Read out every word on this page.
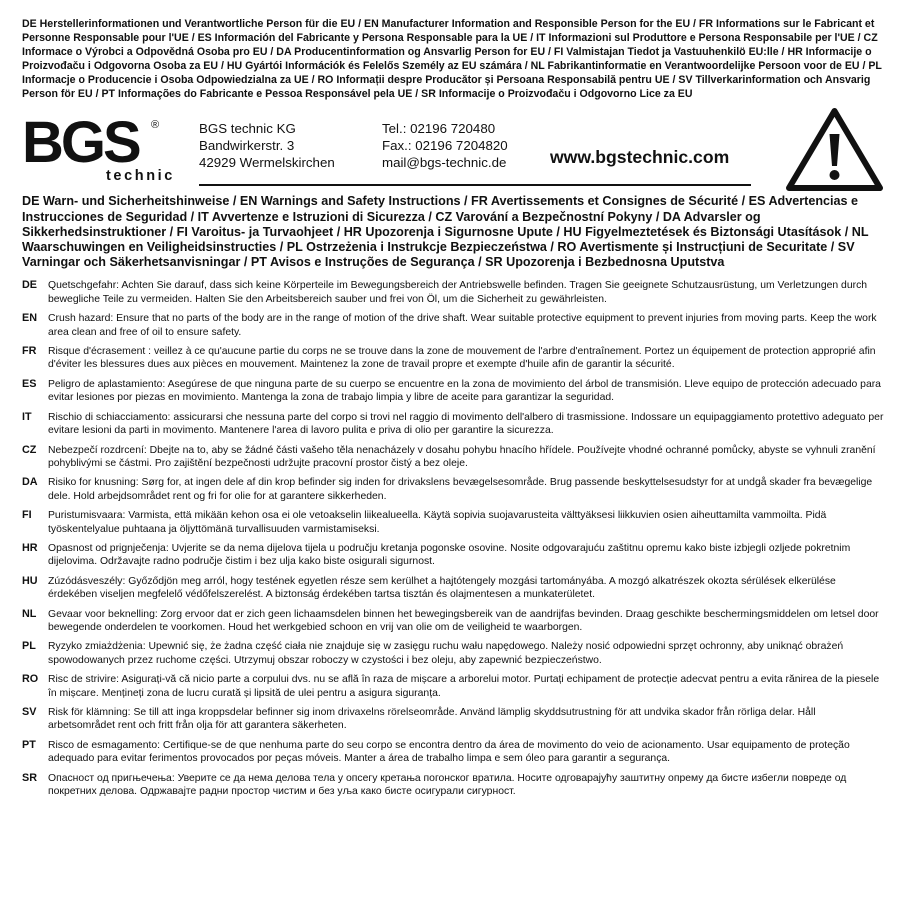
DE Herstellerinformationen und Verantwortliche Person für die EU / EN Manufacturer Information and Responsible Person for the EU / FR Informations sur le Fabricant et Personne Responsable pour l'UE / ES Información del Fabricante y Persona Responsable para la UE / IT Informazioni sul Produttore e Persona Responsabile per l'UE / CZ Informace o Výrobci a Odpovědná Osoba pro EU / DA Producentinformation og Ansvarlig Person for EU / FI Valmistajan Tiedot ja Vastuuhenkilö EU:lle / HR Informacije o Proizvođaču i Odgovorna Osoba za EU / HU Gyártói Információk és Felelős Személy az EU számára / NL Fabrikantinformatie en Verantwoordelijke Persoon voor de EU / PL Informacje o Producencie i Osoba Odpowiedzialna za UE / RO Informații despre Producător și Persoana Responsabilă pentru UE / SV Tillverkarinformation och Ansvarig Person för EU / PT Informações do Fabricante e Pessoa Responsável pela UE / SR Informacije o Proizvođaču i Odgovorno Lice za EU

BGS
technic
®	BGS technic KG
Bandwirkerstr. 3
42929 Wermelskirchen
Tel.: 02196 720480
Fax.: 02196 7204820
mail@bgs-technic.de www.bgstechnic.com

DE Warn- und Sicherheitshinweise / EN Warnings and Safety Instructions / FR Avertissements et Consignes de Sécurité / ES Advertencias e Instrucciones de Seguridad / IT Avvertenze e Istruzioni di Sicurezza / CZ Varování a Bezpečnostní Pokyny / DA Advarsler og Sikkerhedsinstruktioner / FI Varoitus- ja Turvaohjeet / HR Upozorenja i Sigurnosne Upute / HU Figyelmeztetések és Biztonsági Utasítások / NL Waarschuwingen en Veiligheidsinstructies / PL Ostrzeżenia i Instrukcje Bezpieczeństwa / RO Avertismente și Instrucțiuni de Securitate / SV Varningar och Säkerhetsanvisningar / PT Avisos e Instruções de Segurança / SR Upozorenja i Bezbednosna Uputstva

DE Quetschgefahr: Achten Sie darauf, dass sich keine Körperteile im Bewegungsbereich der Antriebswelle befinden. Tragen Sie geeignete Schutzausrüstung, um Verletzungen durch bewegliche Teile zu vermeiden. Halten Sie den Arbeitsbereich sauber und frei von Öl, um die Sicherheit zu gewährleisten.
EN Crush hazard: Ensure that no parts of the body are in the range of motion of the drive shaft. Wear suitable protective equipment to prevent injuries from moving parts. Keep the work area clean and free of oil to ensure safety.
FR Risque d'écrasement : veillez à ce qu'aucune partie du corps ne se trouve dans la zone de mouvement de l'arbre d'entraînement. Portez un équipement de protection approprié afin d'éviter les blessures dues aux pièces en mouvement. Maintenez la zone de travail propre et exempte d'huile afin de garantir la sécurité.
ES Peligro de aplastamiento: Asegúrese de que ninguna parte de su cuerpo se encuentre en la zona de movimiento del árbol de transmisión. Lleve equipo de protección adecuado para evitar lesiones por piezas en movimiento. Mantenga la zona de trabajo limpia y libre de aceite para garantizar la seguridad.
IT Rischio di schiacciamento: assicurarsi che nessuna parte del corpo si trovi nel raggio di movimento dell'albero di trasmissione. Indossare un equipaggiamento protettivo adeguato per evitare lesioni da parti in movimento. Mantenere l'area di lavoro pulita e priva di olio per garantire la sicurezza.
CZ Nebezpečí rozdrcení: Dbejte na to, aby se žádné části vašeho těla nenacházely v dosahu pohybu hnacího hřídele. Používejte vhodné ochranné pomůcky, abyste se vyhnuli zranění pohyblivými se částmi. Pro zajištění bezpečnosti udržujte pracovní prostor čistý a bez oleje.
DA Risiko for knusning: Sørg for, at ingen dele af din krop befinder sig inden for drivakslens bevægelsesområde. Brug passende beskyttelsesudstyr for at undgå skader fra bevægelige dele. Hold arbejdsområdet rent og fri for olie for at garantere sikkerheden.
FI Puristumisvaara: Varmista, että mikään kehon osa ei ole vetoakselin liikealueella. Käytä sopivia suojavarusteita välttyäksesi liikkuvien osien aiheuttamilta vammoilta. Pidä työskentelyalue puhtaana ja öljyttömänä turvallisuuden varmistamiseksi.
HR Opasnost od prignječenja: Uvjerite se da nema dijelova tijela u području kretanja pogonske osovine. Nosite odgovarajuću zaštitnu opremu kako biste izbjegli ozljede pokretnim dijelovima. Održavajte radno područje čistim i bez ulja kako biste osigurali sigurnost.
HU Zúzódásveszély: Győződjön meg arról, hogy testének egyetlen része sem kerülhet a hajtótengely mozgási tartományába. A mozgó alkatrészek okozta sérülések elkerülése érdekében viseljen megfelelő védőfelszerelést. A biztonság érdekében tartsa tisztán és olajmentesen a munkaterületet.
NL Gevaar voor beknelling: Zorg ervoor dat er zich geen lichaamsdelen binnen het bewegingsbereik van de aandrijfas bevinden. Draag geschikte beschermingsmiddelen om letsel door bewegende onderdelen te voorkomen. Houd het werkgebied schoon en vrij van olie om de veiligheid te waarborgen.
PL Ryzyko zmiażdżenia: Upewnić się, że żadna część ciała nie znajduje się w zasięgu ruchu wału napędowego. Należy nosić odpowiedni sprzęt ochronny, aby uniknąć obrażeń spowodowanych przez ruchome części. Utrzymuj obszar roboczy w czystości i bez oleju, aby zapewnić bezpieczeństwo.
RO Risc de strivire: Asigurați-vă că nicio parte a corpului dvs. nu se află în raza de mișcare a arborelui motor. Purtați echipament de protecție adecvat pentru a evita rănirea de la piesele în mișcare. Mențineți zona de lucru curată și lipsită de ulei pentru a asigura siguranța.
SV Risk för klämning: Se till att inga kroppsdelar befinner sig inom drivaxelns rörelseområde. Använd lämplig skyddsutrustning för att undvika skador från rörliga delar. Håll arbetsområdet rent och fritt från olja för att garantera säkerheten.
PT Risco de esmagamento: Certifique-se de que nenhuma parte do seu corpo se encontra dentro da área de movimento do veio de acionamento. Usar equipamento de proteção adequado para evitar ferimentos provocados por peças móveis. Manter a área de trabalho limpa e sem óleo para garantir a segurança.
SR Опасност од пригњечења: Уверите се да нема делова тела у опсегу кретања погонског вратила. Носите одговарајућу заштитну опрему да бисте избегли повреде од покретних делова. Одржавајте радни простор чистим и без уља како бисте осигурали сигурност.
